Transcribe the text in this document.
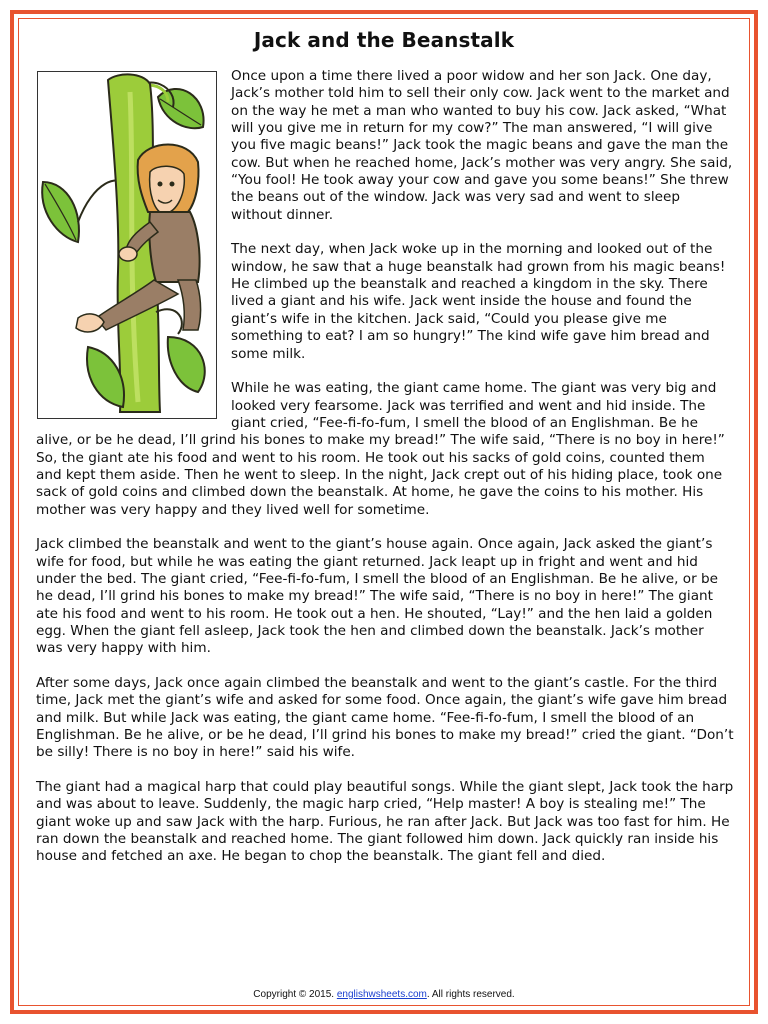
Jack and the Beanstalk

Once upon a time there lived a poor widow and her son Jack. One day, Jack’s mother told him to sell their only cow. Jack went to the market and on the way he met a man who wanted to buy his cow. Jack asked, “What will you give me in return for my cow?” The man answered, “I will give you five magic beans!” Jack took the magic beans and gave the man the cow. But when he reached home, Jack’s mother was very angry. She said, “You fool! He took away your cow and gave you some beans!” She threw the beans out of the window. Jack was very sad and went to sleep without dinner.

The next day, when Jack woke up in the morning and looked out of the window, he saw that a huge beanstalk had grown from his magic beans! He climbed up the beanstalk and reached a kingdom in the sky. There lived a giant and his wife. Jack went inside the house and found the giant’s wife in the kitchen. Jack said, “Could you please give me something to eat? I am so hungry!” The kind wife gave him bread and some milk.

While he was eating, the giant came home. The giant was very big and looked very fearsome. Jack was terrified and went and hid inside. The giant cried, “Fee-fi-fo-fum, I smell the blood of an Englishman. Be he alive, or be he dead, I’ll grind his bones to make my bread!” The wife said, “There is no boy in here!” So, the giant ate his food and went to his room. He took out his sacks of gold coins, counted them and kept them aside. Then he went to sleep. In the night, Jack crept out of his hiding place, took one sack of gold coins and climbed down the beanstalk. At home, he gave the coins to his mother. His mother was very happy and they lived well for sometime.

Jack climbed the beanstalk and went to the giant’s house again. Once again, Jack asked the giant’s wife for food, but while he was eating the giant returned. Jack leapt up in fright and went and hid under the bed. The giant cried, “Fee-fi-fo-fum, I smell the blood of an Englishman. Be he alive, or be he dead, I’ll grind his bones to make my bread!” The wife said, “There is no boy in here!” The giant ate his food and went to his room. He took out a hen. He shouted, “Lay!” and the hen laid a golden egg. When the giant fell asleep, Jack took the hen and climbed down the beanstalk. Jack’s mother was very happy with him.

After some days, Jack once again climbed the beanstalk and went to the giant’s castle. For the third time, Jack met the giant’s wife and asked for some food. Once again, the giant’s wife gave him bread and milk. But while Jack was eating, the giant came home. “Fee-fi-fo-fum, I smell the blood of an Englishman. Be he alive, or be he dead, I’ll grind his bones to make my bread!” cried the giant. “Don’t be silly! There is no boy in here!” said his wife.

The giant had a magical harp that could play beautiful songs. While the giant slept, Jack took the harp and was about to leave. Suddenly, the magic harp cried, “Help master! A boy is stealing me!” The giant woke up and saw Jack with the harp. Furious, he ran after Jack. But Jack was too fast for him. He ran down the beanstalk and reached home. The giant followed him down. Jack quickly ran inside his house and fetched an axe. He began to chop the beanstalk. The giant fell and died.

Copyright © 2015. englishwsheets.com. All rights reserved.
